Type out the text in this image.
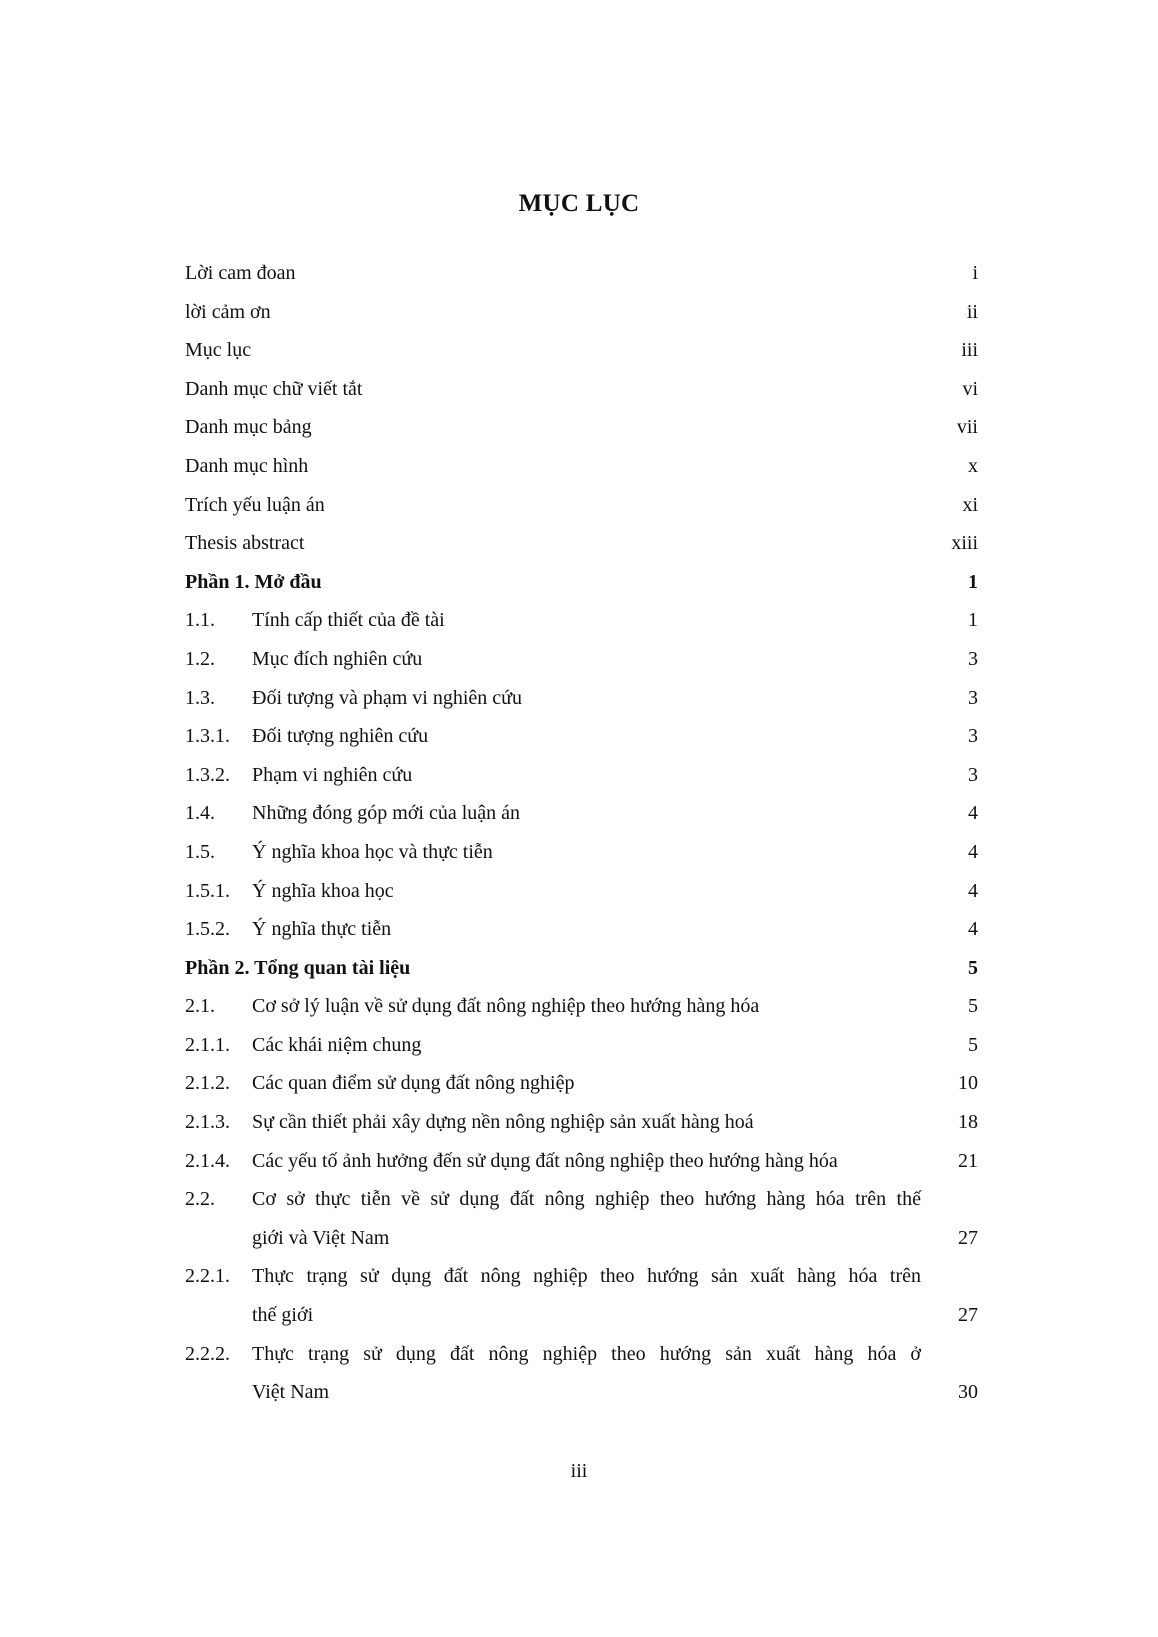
MỤC LỤC
Lời cam đoan	i
lời cảm ơn	ii
Mục lục	iii
Danh mục chữ viết tắt	vi
Danh mục bảng	vii
Danh mục hình	x
Trích yếu luận án	xi
Thesis abstract	xiii
Phần 1. Mở đầu	1
1.1.	Tính cấp thiết của đề tài	1
1.2.	Mục đích nghiên cứu	3
1.3.	Đối tượng và phạm vi nghiên cứu	3
1.3.1.	Đối tượng nghiên cứu	3
1.3.2.	Phạm vi nghiên cứu	3
1.4.	Những đóng góp mới của luận án	4
1.5.	Ý nghĩa khoa học và thực tiễn	4
1.5.1.	Ý nghĩa khoa học	4
1.5.2.	Ý nghĩa thực tiễn	4
Phần 2. Tổng quan tài liệu	5
2.1.	Cơ sở lý luận về sử dụng đất nông nghiệp theo hướng hàng hóa	5
2.1.1.	Các khái niệm chung	5
2.1.2.	Các quan điểm sử dụng đất nông nghiệp	10
2.1.3.	Sự cần thiết phải xây dựng nền nông nghiệp sản xuất hàng hoá	18
2.1.4.	Các yếu tố ảnh hưởng đến sử dụng đất nông nghiệp theo hướng hàng hóa	21
2.2.	Cơ sở thực tiễn về sử dụng đất nông nghiệp theo hướng hàng hóa trên thế
giới và Việt Nam	27
2.2.1.	Thực trạng sử dụng đất nông nghiệp theo hướng sản xuất hàng hóa trên
thế giới	27
2.2.2.	Thực trạng sử dụng đất nông nghiệp theo hướng sản xuất hàng hóa ở
Việt Nam	30
iii
